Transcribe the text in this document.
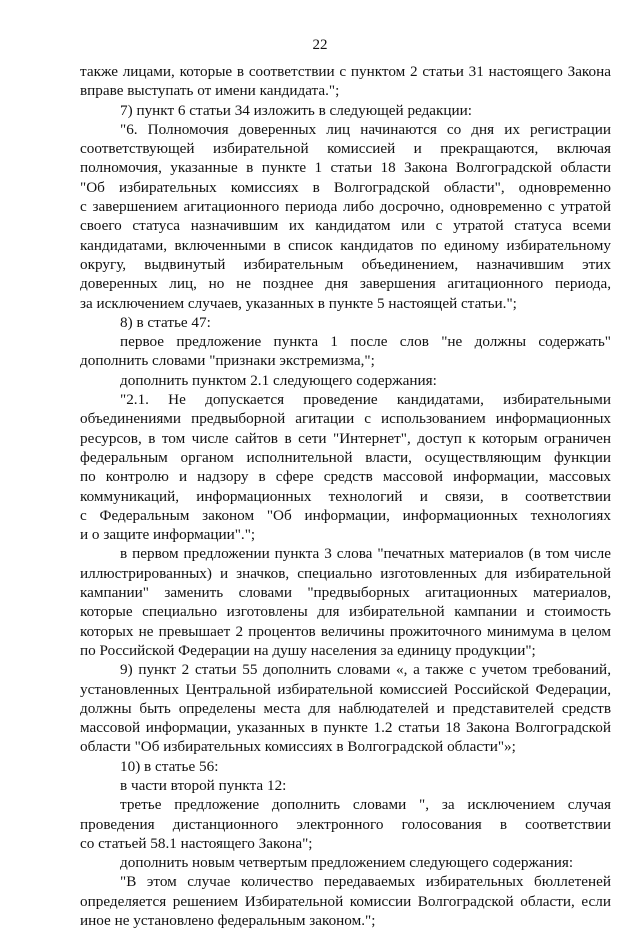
22
также лицами, которые в соответствии с пунктом 2 статьи 31 настоящего Закона
вправе выступать от имени кандидата.";
7) пункт 6 статьи 34 изложить в следующей редакции:
"6. Полномочия доверенных лиц начинаются со дня их регистрации
соответствующей избирательной комиссией и прекращаются, включая
полномочия, указанные в пункте 1 статьи 18 Закона Волгоградской области
"Об избирательных комиссиях в Волгоградской области", одновременно
с завершением агитационного периода либо досрочно, одновременно с утратой
своего статуса назначившим их кандидатом или с утратой статуса всеми
кандидатами, включенными в список кандидатов по единому избирательному
округу, выдвинутый избирательным объединением, назначившим этих
доверенных лиц, но не позднее дня завершения агитационного периода,
за исключением случаев, указанных в пункте 5 настоящей статьи.";
8) в статье 47:
первое предложение пункта 1 после слов "не должны содержать"
дополнить словами "признаки экстремизма,";
дополнить пунктом 2.1 следующего содержания:
"2.1. Не допускается проведение кандидатами, избирательными
объединениями предвыборной агитации с использованием информационных
ресурсов, в том числе сайтов в сети "Интернет", доступ к которым ограничен
федеральным органом исполнительной власти, осуществляющим функции
по контролю и надзору в сфере средств массовой информации, массовых
коммуникаций, информационных технологий и связи, в соответствии
с Федеральным законом "Об информации, информационных технологиях
и о защите информации".";
в первом предложении пункта 3 слова "печатных материалов (в том числе
иллюстрированных) и значков, специально изготовленных для избирательной
кампании" заменить словами "предвыборных агитационных материалов,
которые специально изготовлены для избирательной кампании и стоимость
которых не превышает 2 процентов величины прожиточного минимума в целом
по Российской Федерации на душу населения за единицу продукции";
9) пункт 2 статьи 55 дополнить словами «, а также с учетом требований,
установленных Центральной избирательной комиссией Российской Федерации,
должны быть определены места для наблюдателей и представителей средств
массовой информации, указанных в пункте 1.2 статьи 18 Закона Волгоградской
области "Об избирательных комиссиях в Волгоградской области"»;
10) в статье 56:
в части второй пункта 12:
третье предложение дополнить словами ", за исключением случая
проведения дистанционного электронного голосования в соответствии
со статьей 58.1 настоящего Закона";
дополнить новым четвертым предложением следующего содержания:
"В этом случае количество передаваемых избирательных бюллетеней
определяется решением Избирательной комиссии Волгоградской области, если
иное не установлено федеральным законом.";
